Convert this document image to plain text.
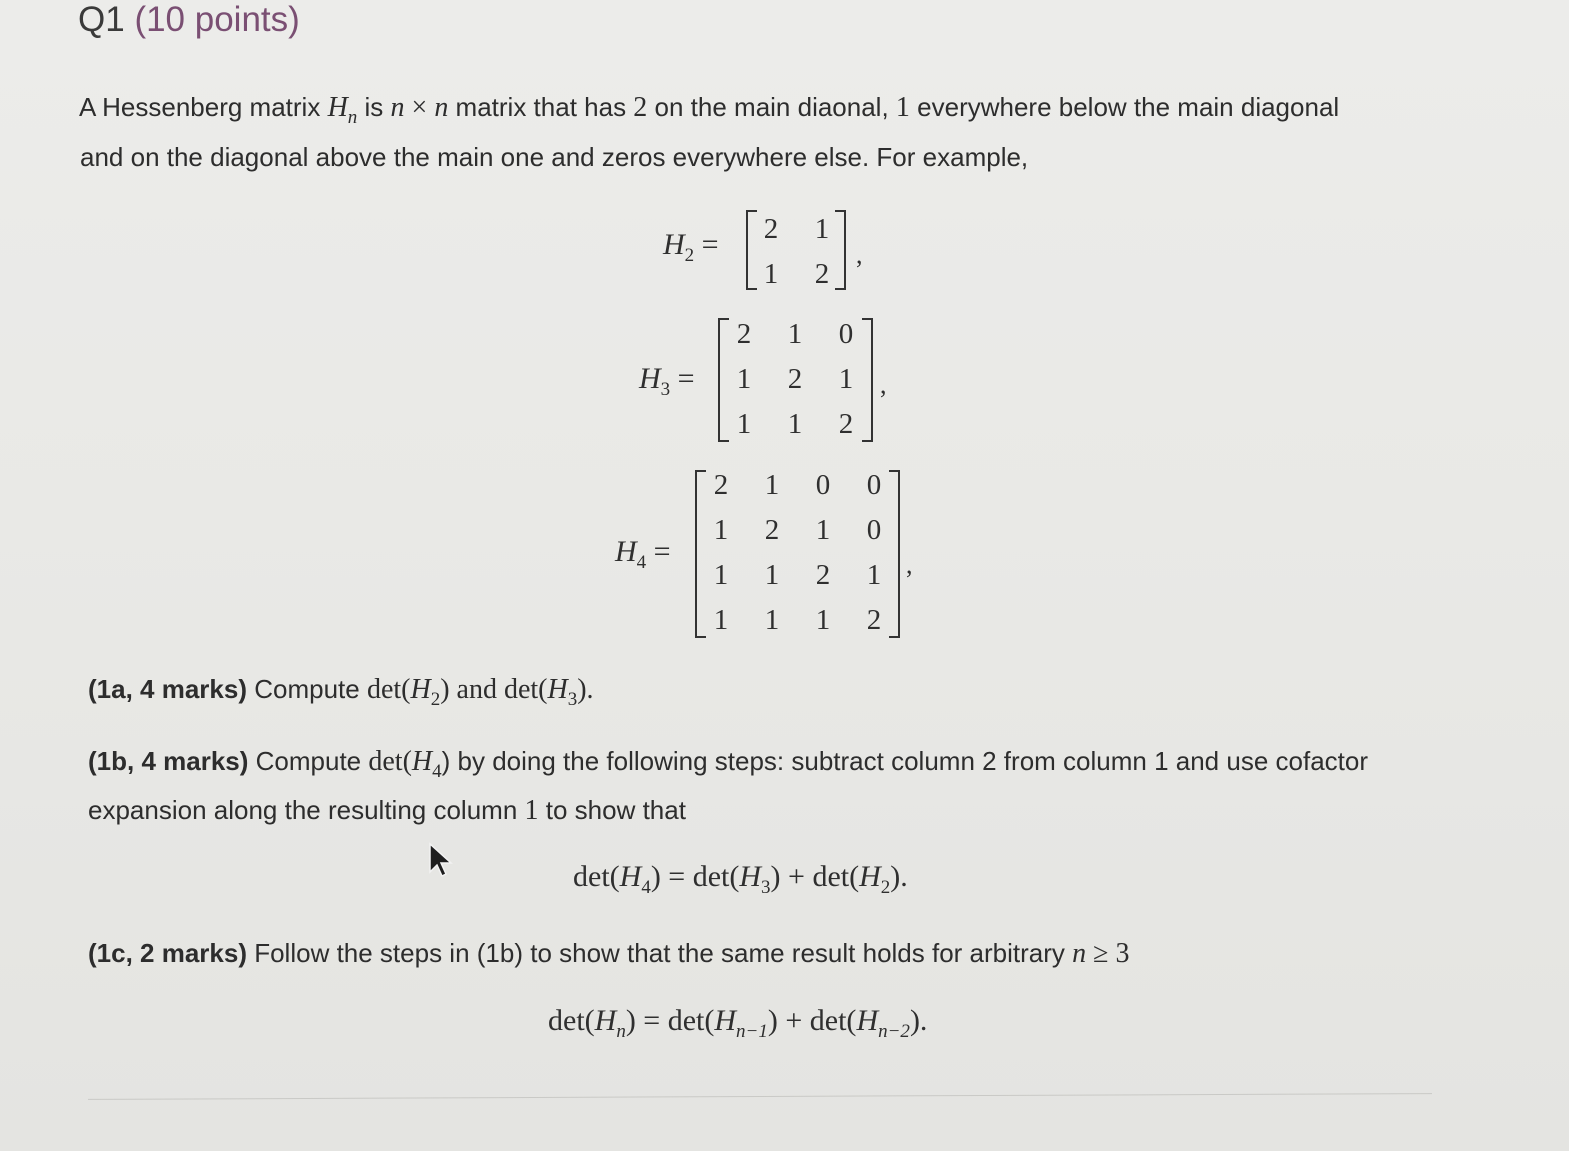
Q1 (10 points)
A Hessenberg matrix $H_n$ is n × n matrix that has 2 on the main diaonal, 1 everywhere below the main diagonal
and on the diagonal above the main one and zeros everywhere else. For example,
$H_2 = 2$ 1
1 2
,
$H_3$ =
2 1 0
1 2 1
1 1 2
,
$H_4$ =
2 1 0 0
1 2 1 0
1 1 2 1
1 1 1 2
,
(1a, 4 marks) Compute $\det(H_2)$ and $\det(H_3)$.
(1b, 4 marks) Compute $\det(H_4)$ by doing the following steps: subtract column 2 from column 1 and use cofactor
expansion along the resulting column 1 to show that
$\det(H_4) = \det(H_3) + \det(H_2)$.
(1c, 2 marks) Follow the steps in (1b) to show that the same result holds for arbitrary n ≥ 3
$\det(H_n) = \det(H_{n-1}) + \det(H_{n-2})$.
